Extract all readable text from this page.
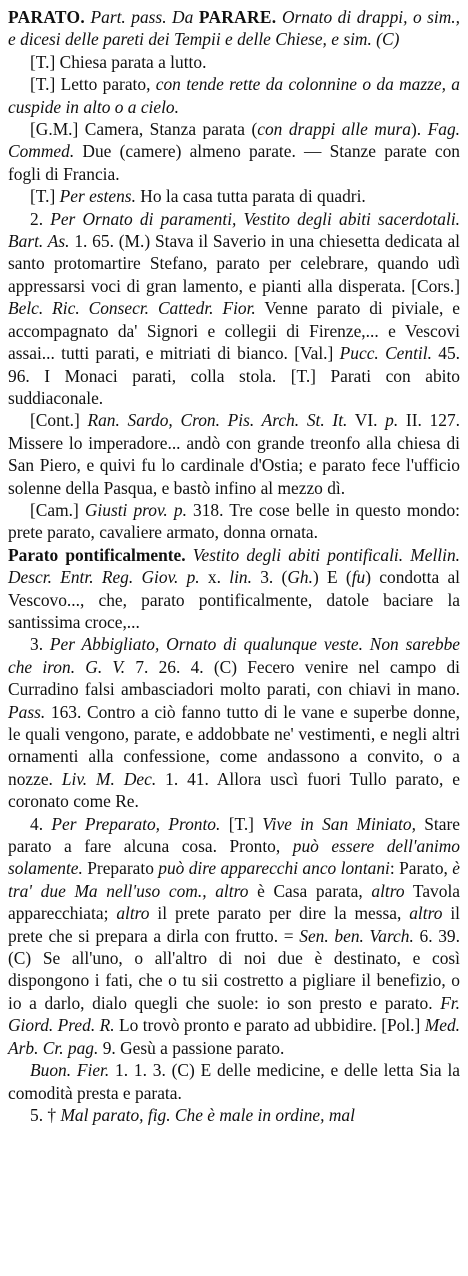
PARATO. Part. pass. Da PARARE. Ornato di drappi, o sim., e dicesi delle pareti dei Tempii e delle Chiese, e sim. (C)

[T.] Chiesa parata a lutto.

[T.] Letto parato, con tende rette da colonnine o da mazze, a cuspide in alto o a cielo.

[G.M.] Camera, Stanza parata (con drappi alle mura). Fag. Commed. Due (camere) almeno parate. — Stanze parate con fogli di Francia.

[T.] Per estens. Ho la casa tutta parata di quadri.

2. Per Ornato di paramenti, Vestito degli abiti sacerdotali. Bart. As. 1. 65. (M.) Stava il Saverio in una chiesetta dedicata al santo protomartire Stefano, parato per celebrare, quando udì appressarsi voci di gran lamento, e pianti alla disperata. [Cors.] Belc. Ric. Consecr. Cattedr. Fior. Venne parato di piviale, e accompagnato da' Signori e collegii di Firenze,... e Vescovi assai... tutti parati, e mitriati di bianco. [Val.] Pucc. Centil. 45. 96. I Monaci parati, colla stola. [T.] Parati con abito suddiaconale.

[Cont.] Ran. Sardo, Cron. Pis. Arch. St. It. VI. p. II. 127. Missere lo imperadore... andò con grande treonfo alla chiesa di San Piero, e quivi fu lo cardinale d'Ostia; e parato fece l'ufficio solenne della Pasqua, e bastò infino al mezzo dì.

[Cam.] Giusti prov. p. 318. Tre cose belle in questo mondo: prete parato, cavaliere armato, donna ornata.

Parato pontificalmente. Vestito degli abiti pontificali. Mellin. Descr. Entr. Reg. Giov. p. x. lin. 3. (Gh.) E (fu) condotta al Vescovo..., che, parato pontificalmente, datole baciare la santissima croce,...

3. Per Abbigliato, Ornato di qualunque veste. Non sarebbe che iron. G. V. 7. 26. 4. (C) Fecero venire nel campo di Curradino falsi ambasciadori molto parati, con chiavi in mano. Pass. 163. Contro a ciò fanno tutto di le vane e superbe donne, le quali vengono, parate, e addobbate ne' vestimenti, e negli altri ornamenti alla confessione, come andassono a convito, o a nozze. Liv. M. Dec. 1. 41. Allora uscì fuori Tullo parato, e coronato come Re.

4. Per Preparato, Pronto. [T.] Vive in San Miniato, Stare parato a fare alcuna cosa. Pronto, può essere dell'animo solamente. Preparato può dire apparecchi anco lontani: Parato, è tra' due Ma nell'uso com., altro è Casa parata, altro Tavola apparecchiata; altro il prete parato per dire la messa, altro il prete che si prepara a dirla con frutto. = Sen. ben. Varch. 6. 39. (C) Se all'uno, o all'altro di noi due è destinato, e così dispongono i fati, che o tu sii costretto a pigliare il benefizio, o io a darlo, dialo quegli che suole: io son presto e parato. Fr. Giord. Pred. R. Lo trovò pronto e parato ad ubbidire. [Pol.] Med. Arb. Cr. pag. 9. Gesù a passione parato.

Buon. Fier. 1. 1. 3. (C) E delle medicine, e delle letta Sia la comodità presta e parata.

5. † Mal parato, fig. Che è male in ordine, mal
